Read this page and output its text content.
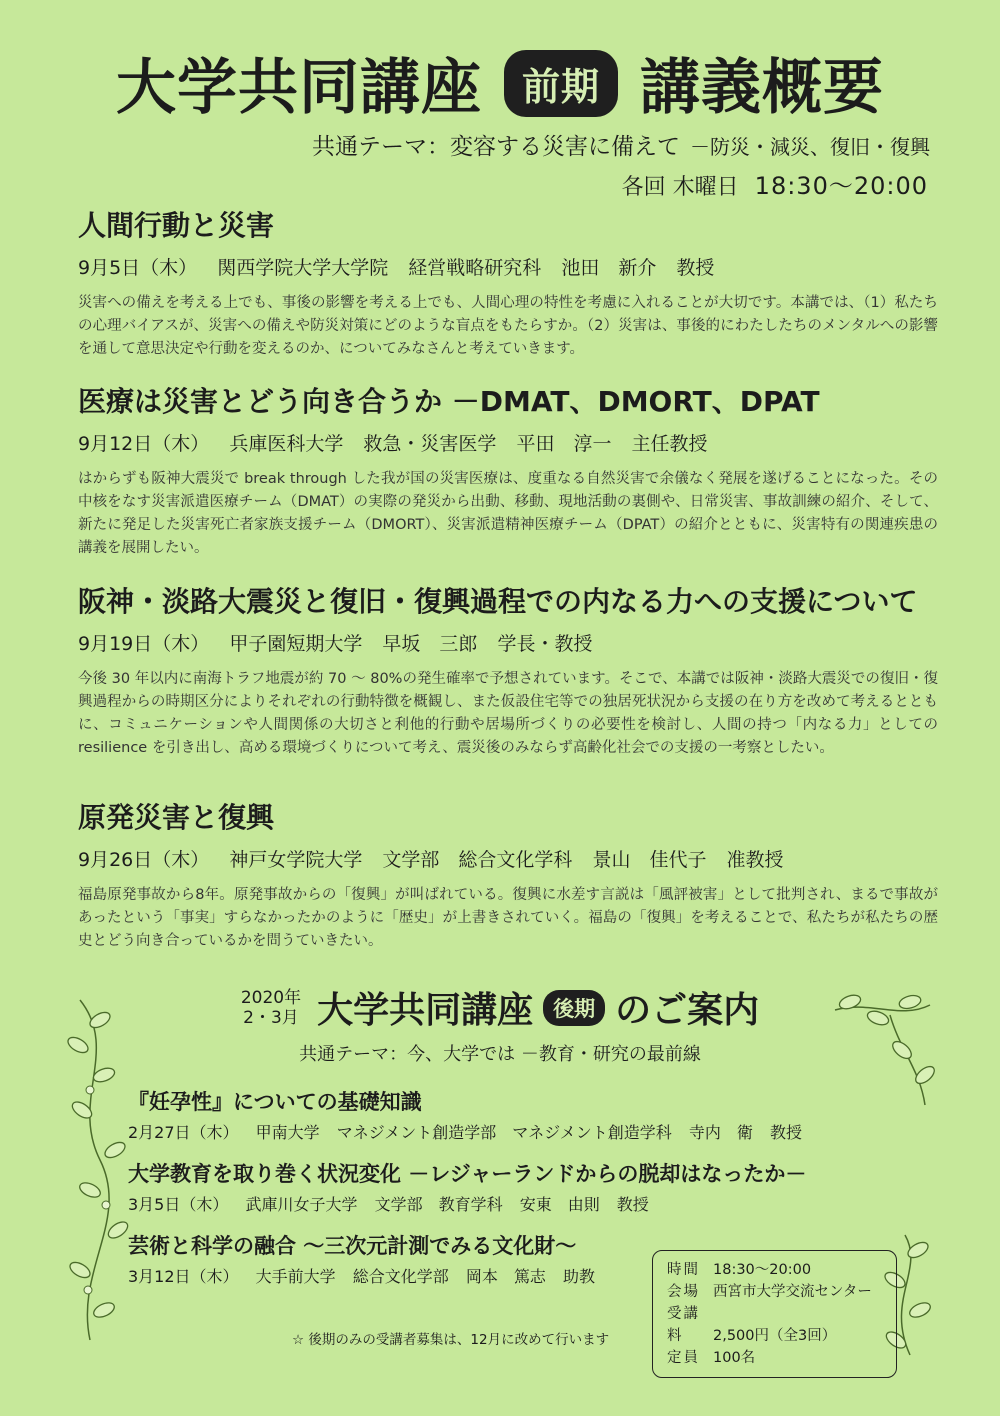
大学共同講座	前期 講義概要
共通テーマ：変容する災害に備えて －防災・減災、復旧・復興
各回 木曜日 18:30～20:00
人間行動と災害
9月5日（木） 関西学院大学大学院 経営戦略研究科 池田　新介 教授

災害への備えを考える上でも、事後の影響を考える上でも、人間心理の特性を考慮に入れることが大切です。本講では、（1）私たちの心理バイアスが、災害への備えや防災対策にどのような盲点をもたらすか。（2）災害は、事後的にわたしたちのメンタルへの影響を通して意思決定や行動を変えるのか、についてみなさんと考えていきます。

医療は災害とどう向き合うか －DMAT、DMORT、DPAT
9月12日（木） 兵庫医科大学 救急・災害医学 平田　淳一 主任教授

はからずも阪神大震災で break through した我が国の災害医療は、度重なる自然災害で余儀なく発展を遂げることになった。その中核をなす災害派遣医療チーム（DMAT）の実際の発災から出動、移動、現地活動の裏側や、日常災害、事故訓練の紹介、そして、新たに発足した災害死亡者家族支援チーム（DMORT）、災害派遣精神医療チーム（DPAT）の紹介とともに、災害特有の関連疾患の講義を展開したい。

阪神・淡路大震災と復旧・復興過程での内なる力への支援について
9月19日（木） 甲子園短期大学 早坂　三郎 学長・教授

今後 30 年以内に南海トラフ地震が約 70 ～ 80%の発生確率で予想されています。そこで、本講では阪神・淡路大震災での復旧・復興過程からの時期区分によりそれぞれの行動特徴を概観し、また仮設住宅等での独居死状況から支援の在り方を改めて考えるとともに、コミュニケーションや人間関係の大切さと利他的行動や居場所づくりの必要性を検討し、人間の持つ「内なる力」としての resilience を引き出し、高める環境づくりについて考え、震災後のみならず高齢化社会での支援の一考察としたい。

原発災害と復興
9月26日（木） 神戸女学院大学 文学部　総合文化学科 景山　佳代子 准教授

福島原発事故から8年。原発事故からの「復興」が叫ばれている。復興に水差す言説は「風評被害」として批判され、まるで事故があったという「事実」すらなかったかのように「歴史」が上書きされていく。福島の「復興」を考えることで、私たちが私たちの歴史とどう向き合っているかを問うていきたい。

2020年
2・3月 大学共同講座 後期 のご案内
共通テーマ：今、大学では －教育・研究の最前線
『妊孕性』についての基礎知識
2月27日（木） 甲南大学 マネジメント創造学部　マネジメント創造学科 寺内　衛 教授
大学教育を取り巻く状況変化 －レジャーランドからの脱却はなったか－
3月5日（木） 武庫川女子大学 文学部　教育学科 安東　由則 教授
芸術と科学の融合 ～三次元計測でみる文化財～
3月12日（木） 大手前大学 総合文化学部 岡本　篤志 助教	時間 18:30～20:00
会場 西宮市大学交流センター
受講料 2,500円（全3回）
定員 100名
☆ 後期のみの受講者募集は、12月に改めて行います
